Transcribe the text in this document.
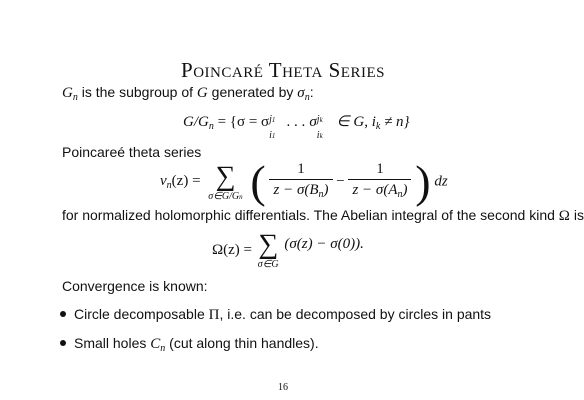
Poincaré Theta Series
$G_n$ is the subgroup of G generated by $\sigma_n$:
$G/G_n = \{\sigma = \sigma$ j1
i1
. . . σ jk
ik
∈ G, $i_k \ne n$}
Poincareé theta series
$v_n(z)$ = ∑
σ∈G/Gn ( $\frac{1}{z - \sigma(B_n)} - \frac{1}{z - \sigma(A_n)}$ ) dz
for normalized holomorphic differentials. The Abelian integral of the second kind Ω is
Ω(z) = ∑
σ∈G
(σ(z) − σ(0)).
Convergence is known:
Circle decomposable Π, i.e. can be decomposed by circles in pants
Small holes $C_n$ (cut along thin handles).
16
